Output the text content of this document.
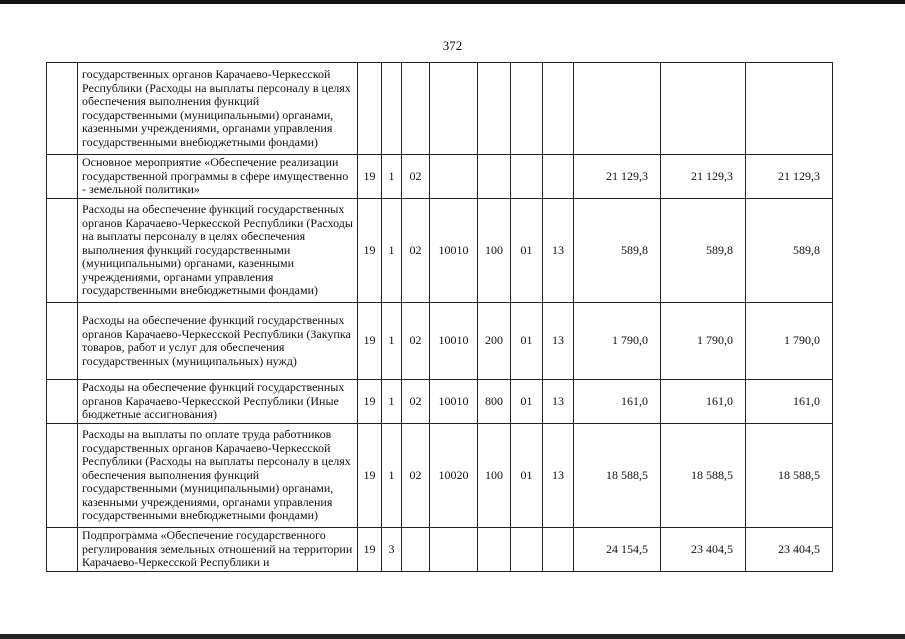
372
	государственных органов Карачаево-Черкесской Республики (Расходы на выплаты персоналу в целях обеспечения выполнения функций государственными (муниципальными) органами, казенными учреждениями, органами управления государственными внебюджетными фондами)										
	Основное мероприятие «Обеспечение реализации государственной программы в сфере имущественно - земельной политики»	19	1	02					21 129,3	21 129,3	21 129,3
	Расходы на обеспечение функций государственных органов Карачаево-Черкесской Республики (Расходы на выплаты персоналу в целях обеспечения выполнения функций государственными (муниципальными) органами, казенными учреждениями, органами управления государственными внебюджетными фондами)	19	1	02	10010	100	01	13	589,8	589,8	589,8
	Расходы на обеспечение функций государственных органов Карачаево-Черкесской Республики (Закупка товаров, работ и услуг для обеспечения государственных (муниципальных) нужд)	19	1	02	10010	200	01	13	1 790,0	1 790,0	1 790,0
	Расходы на обеспечение функций государственных органов Карачаево-Черкесской Республики (Иные бюджетные ассигнования)	19	1	02	10010	800	01	13	161,0	161,0	161,0
	Расходы на выплаты по оплате труда работников государственных органов Карачаево-Черкесской Республики (Расходы на выплаты персоналу в целях обеспечения выполнения функций государственными (муниципальными) органами, казенными учреждениями, органами управления государственными внебюджетными фондами)	19	1	02	10020	100	01	13	18 588,5	18 588,5	18 588,5
	Подпрограмма «Обеспечение государственного регулирования земельных отношений на территории Карачаево-Черкесской Республики и	19	3						24 154,5	23 404,5	23 404,5
